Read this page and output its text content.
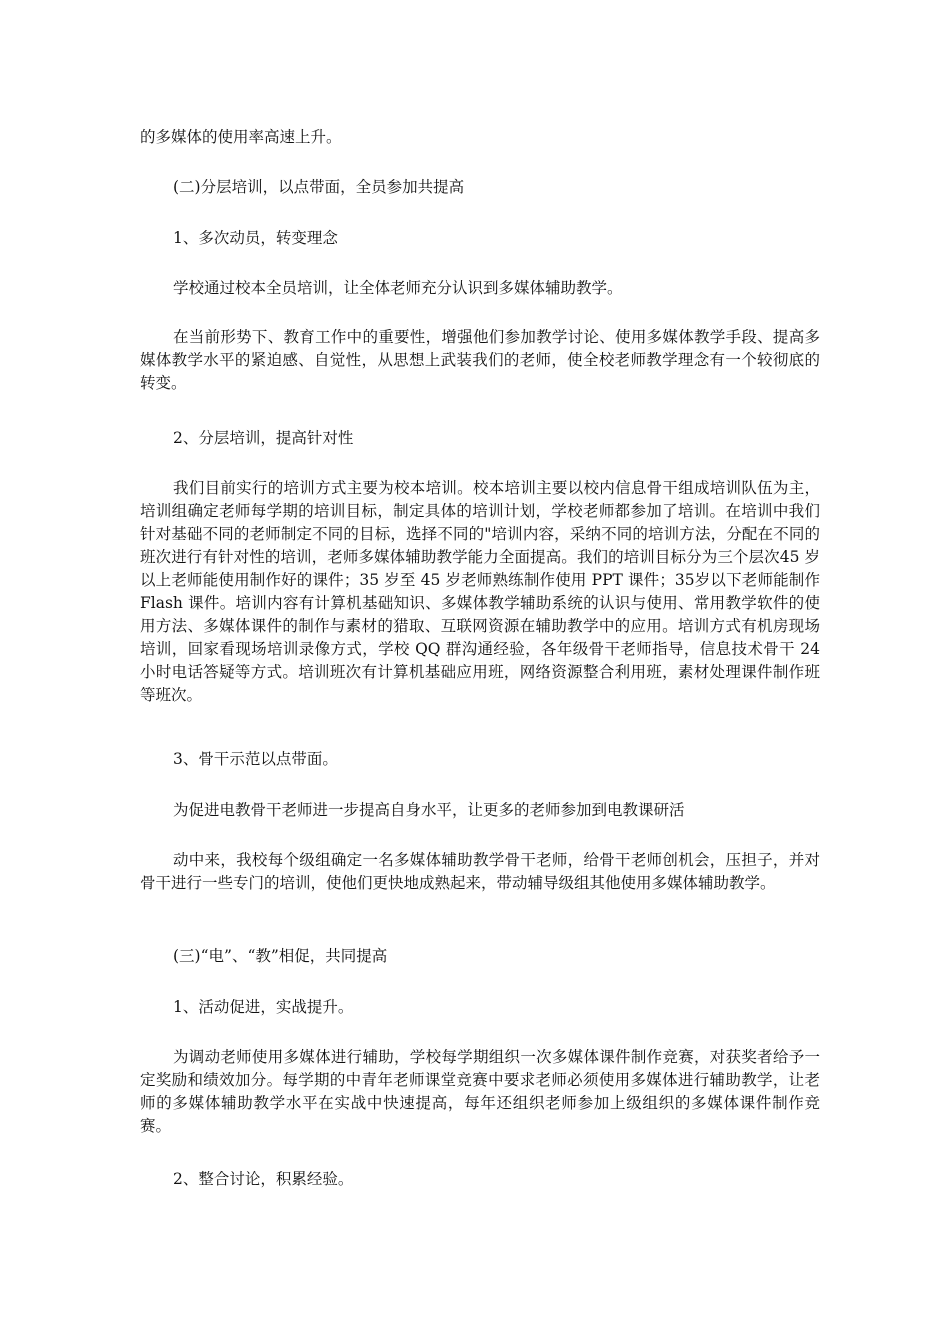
的多媒体的使用率高速上升。

(二)分层培训，以点带面，全员参加共提高

1、多次动员，转变理念

学校通过校本全员培训，让全体老师充分认识到多媒体辅助教学。

在当前形势下、教育工作中的重要性，增强他们参加教学讨论、使用多媒体教学手段、提高多媒体教学水平的紧迫感、自觉性，从思想上武装我们的老师，使全校老师教学理念有一个较彻底的转变。

2、分层培训，提高针对性

我们目前实行的培训方式主要为校本培训。校本培训主要以校内信息骨干组成培训队伍为主，培训组确定老师每学期的培训目标，制定具体的培训计划，学校老师都参加了培训。在培训中我们针对基础不同的老师制定不同的目标，选择不同的"培训内容，采纳不同的培训方法，分配在不同的班次进行有针对性的培训，老师多媒体辅助教学能力全面提高。我们的培训目标分为三个层次45 岁以上老师能使用制作好的课件；35 岁至 45 岁老师熟练制作使用 PPT 课件；35岁以下老师能制作 Flash 课件。培训内容有计算机基础知识、多媒体教学辅助系统的认识与使用、常用教学软件的使用方法、多媒体课件的制作与素材的猎取、互联网资源在辅助教学中的应用。培训方式有机房现场培训，回家看现场培训录像方式，学校 QQ 群沟通经验，各年级骨干老师指导，信息技术骨干 24 小时电话答疑等方式。培训班次有计算机基础应用班，网络资源整合利用班，素材处理课件制作班等班次。

3、骨干示范以点带面。

为促进电教骨干老师进一步提高自身水平，让更多的老师参加到电教课研活

动中来，我校每个级组确定一名多媒体辅助教学骨干老师，给骨干老师创机会，压担子，并对骨干进行一些专门的培训，使他们更快地成熟起来，带动辅导级组其他使用多媒体辅助教学。

(三)“电”、“教”相促，共同提高

1、活动促进，实战提升。

为调动老师使用多媒体进行辅助，学校每学期组织一次多媒体课件制作竞赛，对获奖者给予一定奖励和绩效加分。每学期的中青年老师课堂竞赛中要求老师必须使用多媒体进行辅助教学，让老师的多媒体辅助教学水平在实战中快速提高，每年还组织老师参加上级组织的多媒体课件制作竞赛。

2、整合讨论，积累经验。
